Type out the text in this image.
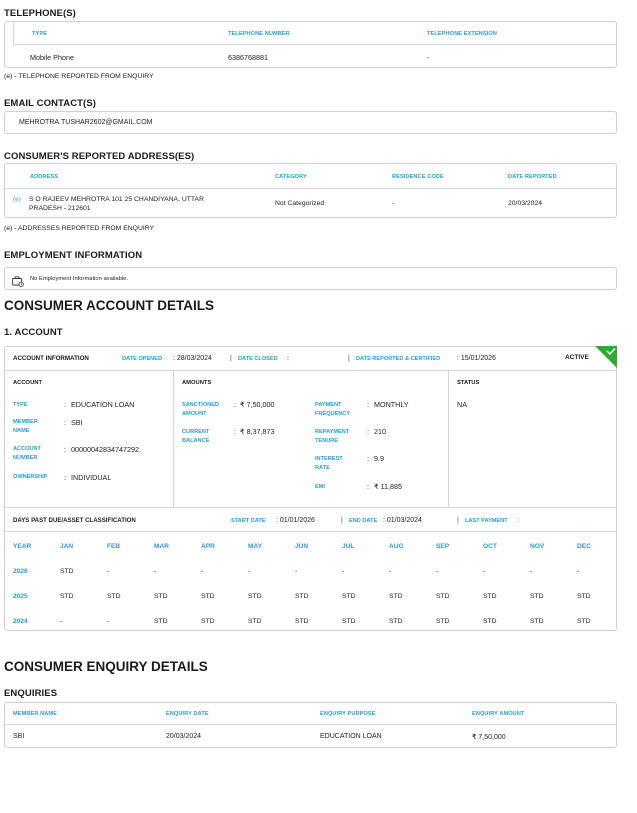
TELEPHONE(S)
TYPE	TELEPHONE NUMBER	TELEPHONE EXTENSION
Mobile Phone	6386768881	-
(e) - TELEPHONE REPORTED FROM ENQUIRY
EMAIL CONTACT(S)
MEHROTRA.TUSHAR2602@GMAIL.COM
CONSUMER'S REPORTED ADDRESS(ES)
ADDRESS	CATEGORY	RESIDENCE CODE	DATE REPORTED
(e) S O RAJEEV MEHROTRA 101 25 CHANDIYANA, UTTAR
PRADESH - 212601
Not Categorized	-	20/03/2024
(e) - ADDRESSES REPORTED FROM ENQUIRY
EMPLOYMENT INFORMATION
No Employment Information available.
CONSUMER ACCOUNT DETAILS
1. ACCOUNT
ACCOUNT INFORMATION	DATE OPENED : 28/03/2024	| DATE CLOSED :	| DATE REPORTED & CERTIFIED : 15/01/2026	ACTIVE
ACCOUNT
TYPE	: EDUCATION LOAN
MEMBER NAME
: SBI
ACCOUNT NUMBER
: 00000042834747292
OWNERSHIP : INDIVIDUAL
AMOUNTS
SANCTIONED AMOUNT
: ₹ 7,50,000
CURRENT BALANCE
: ₹ 8,37,873
PAYMENT FREQUENCY
: MONTHLY
REPAYMENT TENURE
: 210
INTEREST RATE
: 9.9
EMI	: ₹ 11,885
STATUS
NA
DAYS PAST DUE/ASSET CLASSIFICATION	START DATE : 01/01/2026	| END DATE : 01/03/2024	| LAST PAYMENT :
YEAR	JAN	FEB	MAR	APR	MAY	JUN	JUL	AUG	SEP	OCT	NOV	DEC
2026	STD	-	-	-	-	-	-	-	-	-	-	-
2025	STD	STD	STD	STD	STD	STD	STD	STD	STD	STD	STD	STD
2024	-	-	STD	STD	STD	STD	STD	STD	STD	STD	STD	STD
CONSUMER ENQUIRY DETAILS
ENQUIRIES
MEMBER NAME	ENQUIRY DATE	ENQUIRY PURPOSE	ENQUIRY AMOUNT
SBI	20/03/2024	EDUCATION LOAN	₹ 7,50,000
